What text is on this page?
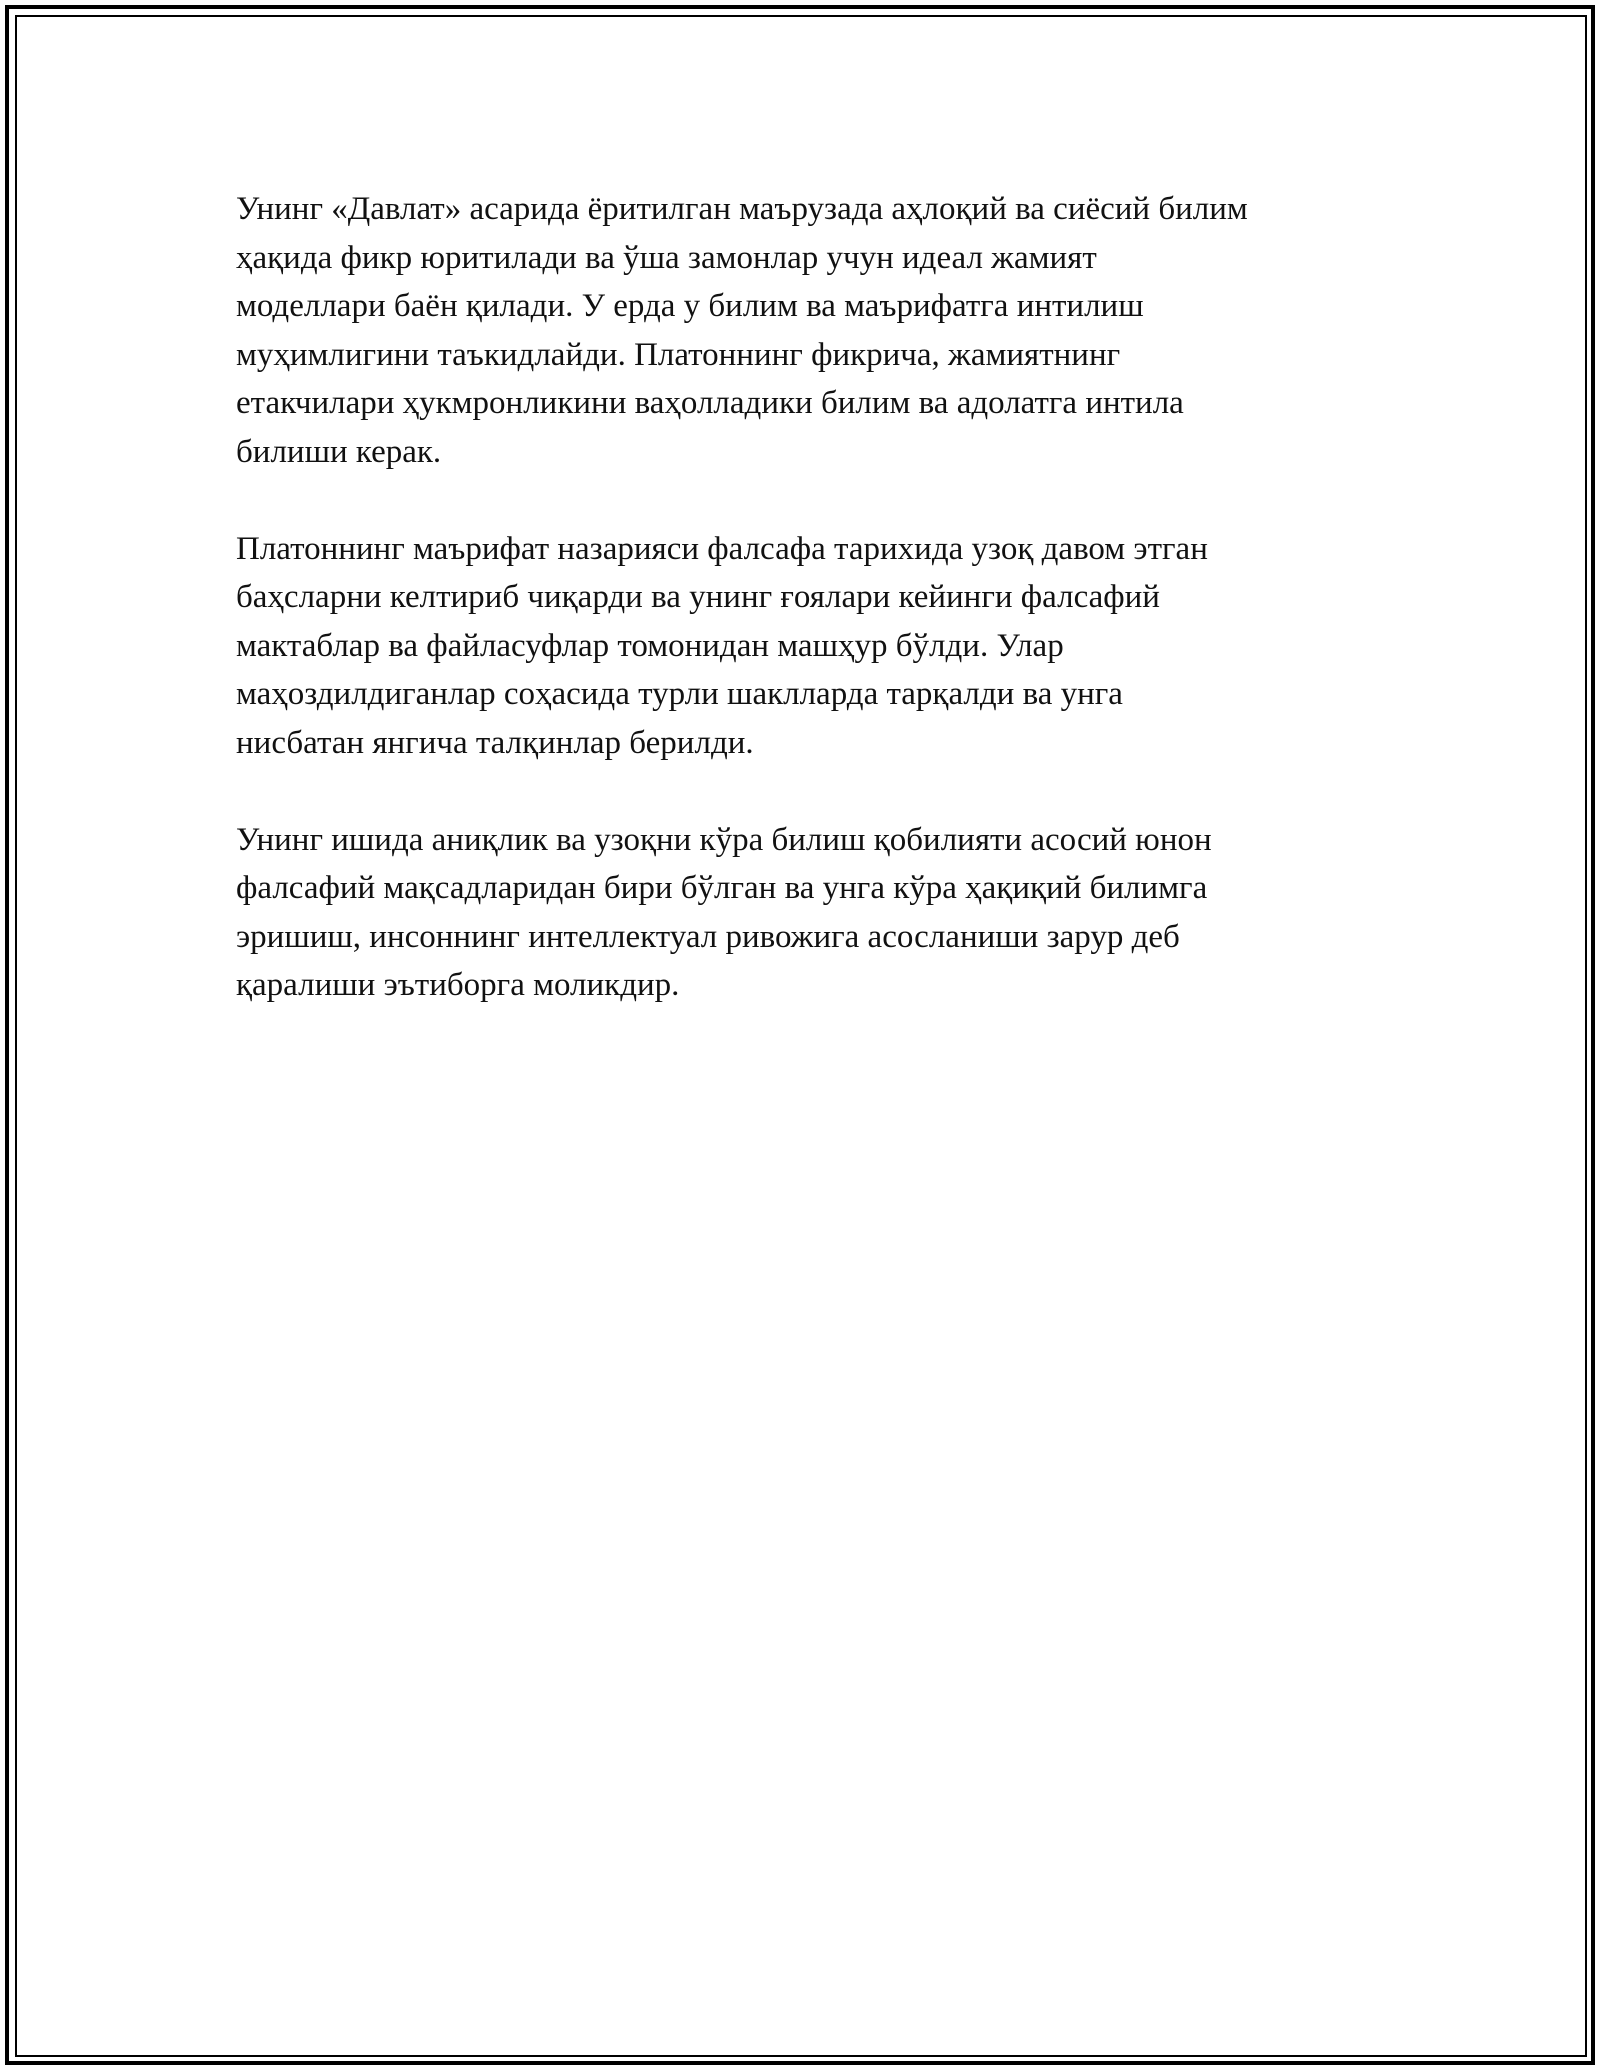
Унинг «Давлат» асарида ёритилган маърузада аҳлоқий ва сиёсий билим
ҳақида фикр юритилади ва ўша замонлар учун идеал жамият
моделлари баён қилади. У ерда у билим ва маърифатга интилиш
муҳимлигини таъкидлайди. Платоннинг фикрича, жамиятнинг
етакчилари ҳукмронликини ваҳолладики билим ва адолатга интила
билиши керак.

Платоннинг маърифат назарияси фалсафа тарихида узоқ давом этган
баҳсларни келтириб чиқарди ва унинг ғоялари кейинги фалсафий
мактаблар ва файласуфлар томонидан машҳур бўлди. Улар
маҳоздилдиганлар соҳасида турли шаклларда тарқалди ва унга
нисбатан янгича талқинлар берилди.

Унинг ишида аниқлик ва узоқни кўра билиш қобилияти асосий юнон
фалсафий мақсадларидан бири бўлган ва унга кўра ҳақиқий билимга
эришиш, инсоннинг интеллектуал ривожига асосланиши зарур деб
қаралиши эътиборга моликдир.
